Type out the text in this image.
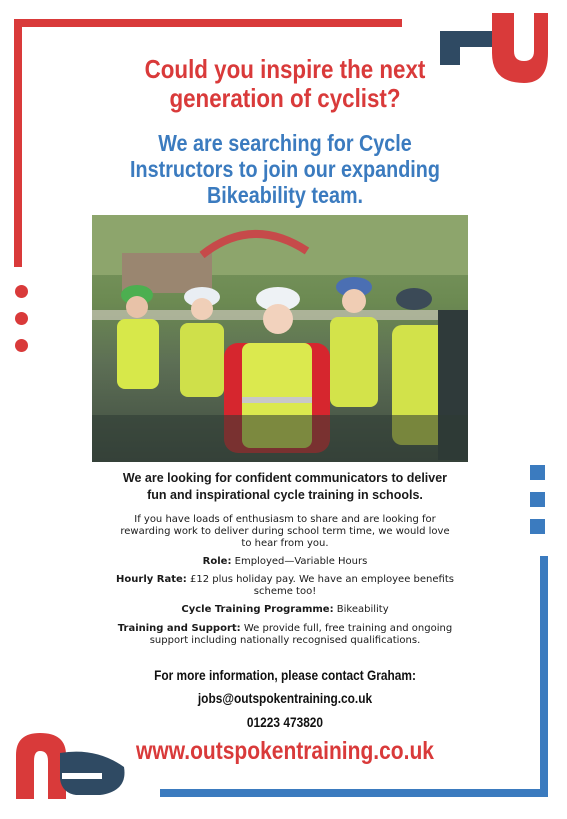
Could you inspire the next
generation of cyclist?
We are searching for Cycle
Instructors to join our expanding
Bikeability team.
We are looking for confident communicators to deliver
fun and inspirational cycle training in schools.
If you have loads of enthusiasm to share and are looking for
rewarding work to deliver during school term time, we would love
to hear from you.
Role: Employed—Variable Hours
Hourly Rate: £12 plus holiday pay. We have an employee benefits
scheme too!
Cycle Training Programme: Bikeability
Training and Support: We provide full, free training and ongoing
support including nationally recognised qualifications.
For more information, please contact Graham:
jobs@outspokentraining.co.uk
01223 473820
www.outspokentraining.co.uk
